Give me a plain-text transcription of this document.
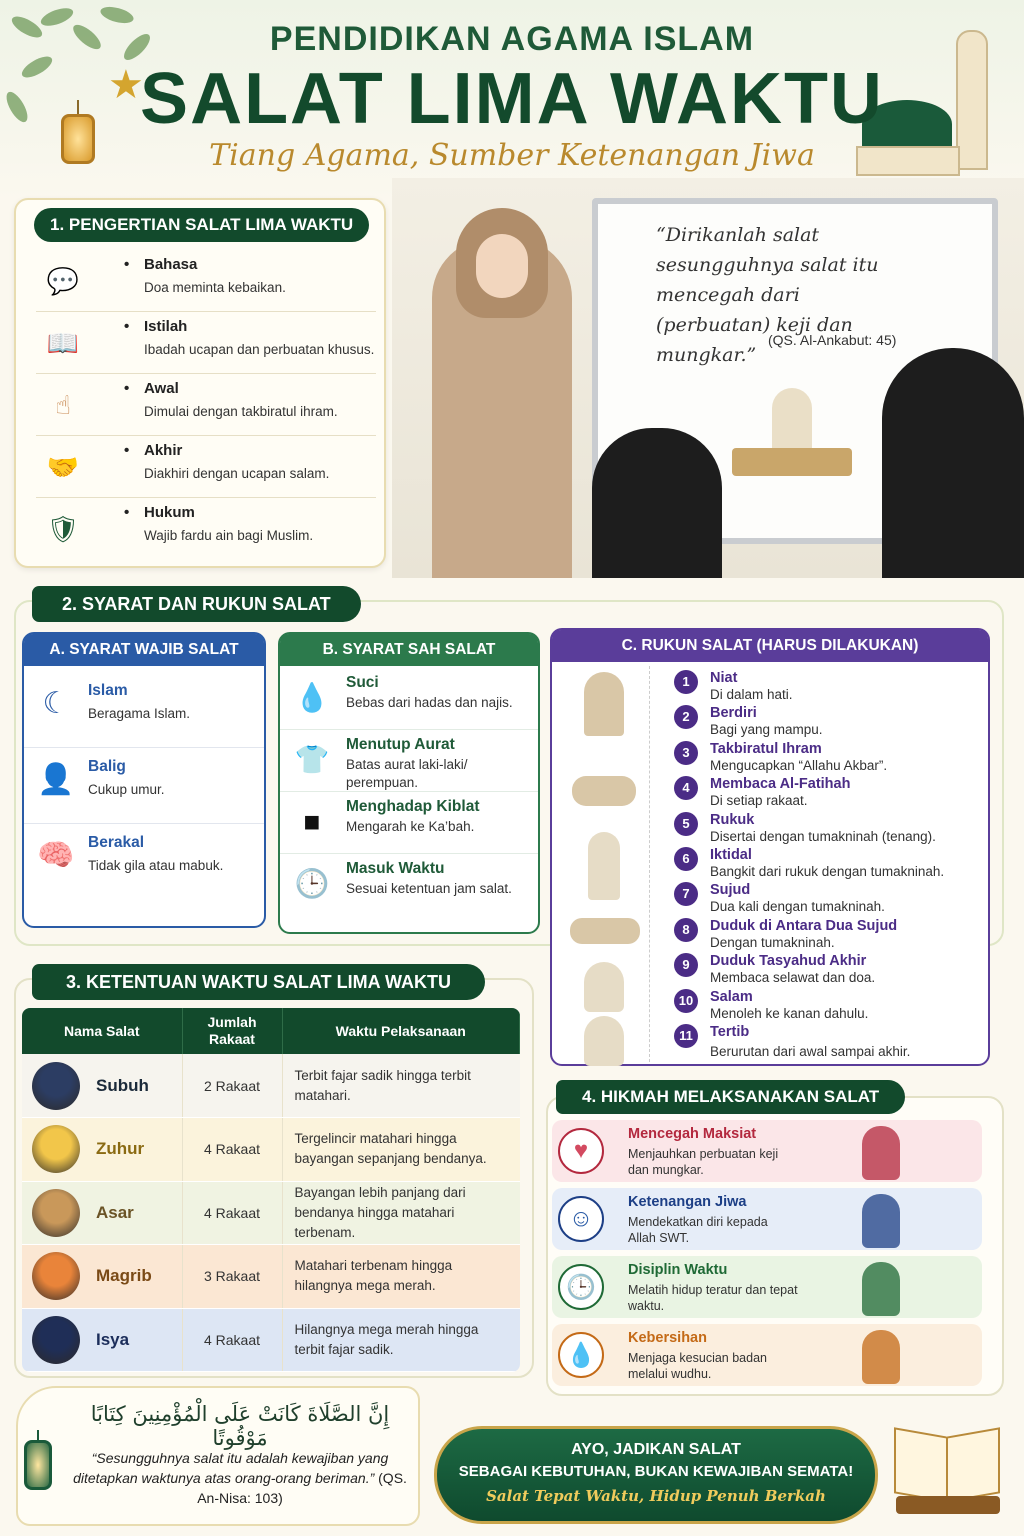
★
PENDIDIKAN AGAMA ISLAM
SALAT LIMA WAKTU
Tiang Agama, Sumber Ketenangan Jiwa
1. PENGERTIAN SALAT LIMA WAKTU
💬
• Bahasa
Doa meminta kebaikan.
📖
• Istilah
Ibadah ucapan dan perbuatan khusus.
☝
• Awal
Dimulai dengan takbiratul ihram.
🤝
• Akhir
Diakhiri dengan ucapan salam.
🛡
• Hukum
Wajib fardu ain bagi Muslim.
“Dirikanlah salat sesungguhnya salat itu mencegah dari (perbuatan) keji dan mungkar.”
(QS. Al-Ankabut: 45)
2. SYARAT DAN RUKUN SALAT
A. SYARAT WAJIB SALAT
☾	Islam
Beragama Islam.
👤 Balig
Cukup umur.
🧠 Berakal
Tidak gila atau mabuk.
B. SYARAT SAH SALAT
💧 Suci
Bebas dari hadas dan najis.
👕 Menutup Aurat
Batas aurat laki-laki/ perempuan.
■	Menghadap Kiblat
Mengarah ke Ka’bah.
🕒 Masuk Waktu
Sesuai ketentuan jam salat.
C. RUKUN SALAT (HARUS DILAKUKAN)
1	Niat
Di dalam hati.
2	Berdiri
Bagi yang mampu.
3	Takbiratul Ihram
Mengucapkan “Allahu Akbar”.
4	Membaca Al-Fatihah
Di setiap rakaat.
5	Rukuk
Disertai dengan tumakninah (tenang).
6	Iktidal
Bangkit dari rukuk dengan tumakninah.
7	Sujud
Dua kali dengan tumakninah.
8	Duduk di Antara Dua Sujud
Dengan tumakninah.
9	Duduk Tasyahud Akhir
Membaca selawat dan doa.
10	Salam
Menoleh ke kanan dahulu.
11	Tertib
Berurutan dari awal sampai akhir.
3. KETENTUAN WAKTU SALAT LIMA WAKTU
Nama Salat	Jumlah Rakaat	Waktu Pelaksanaan
Subuh	2 Rakaat	Terbit fajar sadik hingga terbit matahari.
Zuhur	4 Rakaat	Tergelincir matahari hingga bayangan sepanjang bendanya.
Asar	4 Rakaat	Bayangan lebih panjang dari bendanya hingga matahari terbenam.
Magrib	3 Rakaat	Matahari terbenam hingga hilangnya mega merah.
Isya	4 Rakaat	Hilangnya mega merah hingga terbit fajar sadik.
4. HIKMAH MELAKSANAKAN SALAT
♥
Mencegah Maksiat
Menjauhkan perbuatan keji dan mungkar.
☺
Ketenangan Jiwa
Mendekatkan diri kepada Allah SWT.
🕒
Disiplin Waktu
Melatih hidup teratur dan tepat waktu.
💧
Kebersihan
Menjaga kesucian badan melalui wudhu.
إِنَّ الصَّلَاةَ كَانَتْ عَلَى الْمُؤْمِنِينَ كِتَابًا مَوْقُوتًا
“Sesungguhnya salat itu adalah kewajiban yang ditetapkan waktunya atas orang-orang beriman.” (QS. An-Nisa: 103)
AYO, JADIKAN SALAT
SEBAGAI KEBUTUHAN, BUKAN KEWAJIBAN SEMATA!
Salat Tepat Waktu, Hidup Penuh Berkah
